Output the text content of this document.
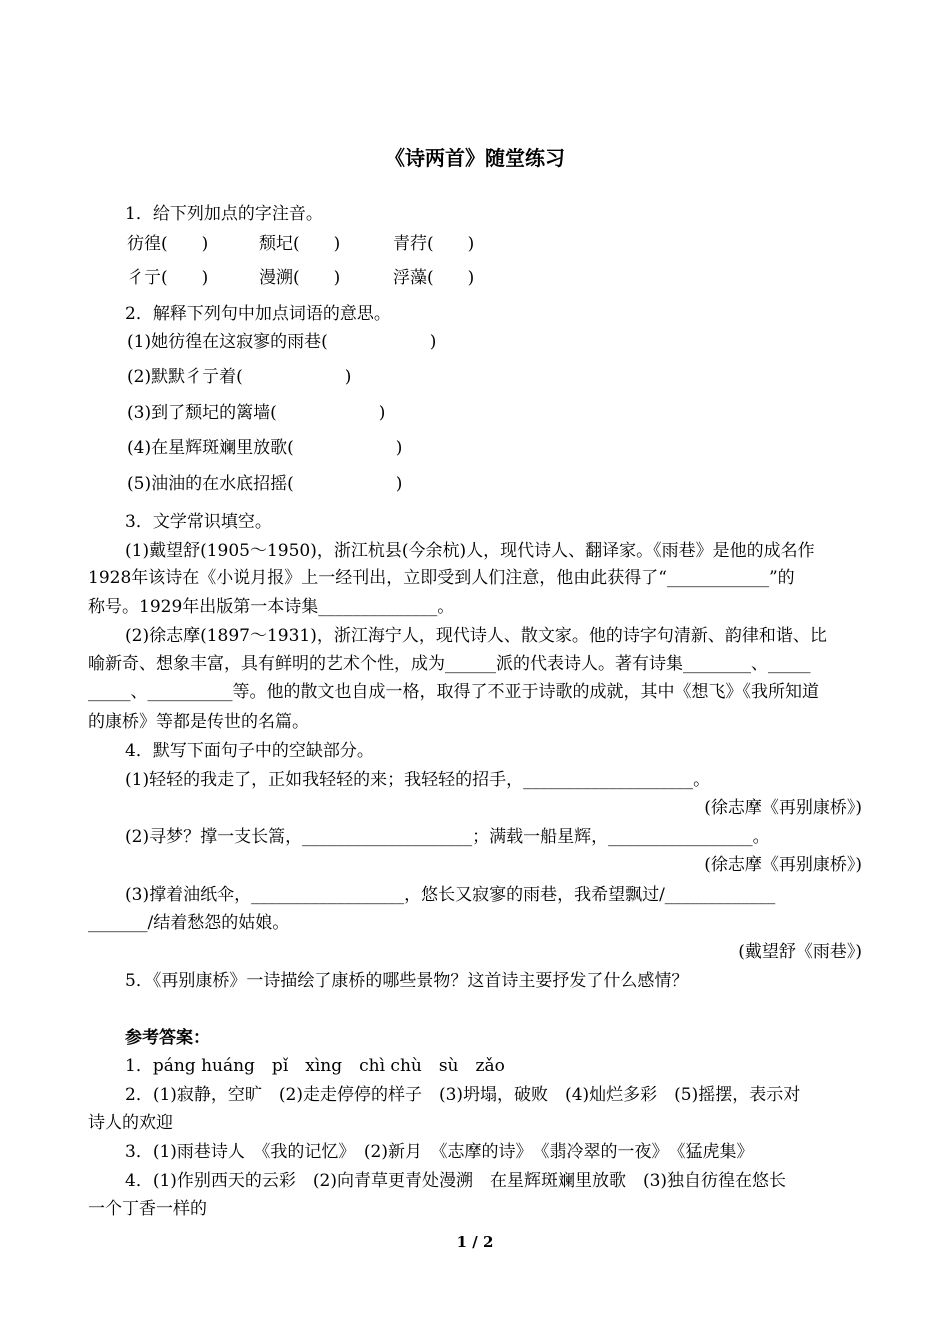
《诗两首》随堂练习
1．给下列加点的字注音。
彷徨(　　)	颓圮(　　)	青荇(　　)
彳亍(　　)	漫溯(　　)	浮藻(　　)
2．解释下列句中加点词语的意思。
(1)她彷徨在这寂寥的雨巷(　　　　　　)
(2)默默彳亍着(　　　　　　)
(3)到了颓圮的篱墙(　　　　　　)
(4)在星辉斑斓里放歌(　　　　　　)
(5)油油的在水底招摇(　　　　　　)
3．文学常识填空。
(1)戴望舒(1905～1950)，浙江杭县(今余杭)人，现代诗人、翻译家。《雨巷》是他的成名作
1928年该诗在《小说月报》上一经刊出，立即受到人们注意，他由此获得了“____________”的
称号。1929年出版第一本诗集______________。
(2)徐志摩(1897～1931)，浙江海宁人，现代诗人、散文家。他的诗字句清新、韵律和谐、比
喻新奇、想象丰富，具有鲜明的艺术个性，成为______派的代表诗人。著有诗集________、_____
_____、__________等。他的散文也自成一格，取得了不亚于诗歌的成就，其中《想飞》《我所知道
的康桥》等都是传世的名篇。
4．默写下面句子中的空缺部分。
(1)轻轻的我走了，正如我轻轻的来；我轻轻的招手，____________________。
(徐志摩《再别康桥》)
(2)寻梦？撑一支长篙，____________________；满载一船星辉，_________________。
(徐志摩《再别康桥》)
(3)撑着油纸伞，__________________，悠长又寂寥的雨巷，我希望飘过/_____________
_______/结着愁怨的姑娘。
(戴望舒《雨巷》)
5．《再别康桥》一诗描绘了康桥的哪些景物？这首诗主要抒发了什么感情？
参考答案：
1．páng huáng　pǐ　xìng　chì chù　sù　zǎo
2．(1)寂静，空旷　(2)走走停停的样子　(3)坍塌，破败　(4)灿烂多彩　(5)摇摆，表示对
诗人的欢迎
3．(1)雨巷诗人　《我的记忆》　(2)新月　《志摩的诗》　《翡冷翠的一夜》　《猛虎集》
4．(1)作别西天的云彩　(2)向青草更青处漫溯　在星辉斑斓里放歌　(3)独自彷徨在悠长
一个丁香一样的
1 / 2
